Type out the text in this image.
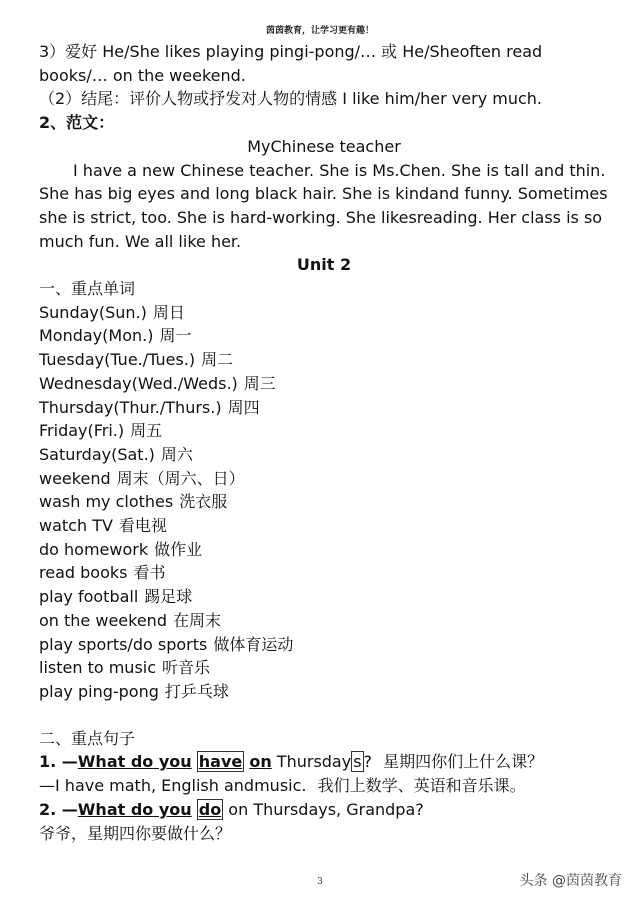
茵茵教育，让学习更有趣！
3）爱好 He/She likes playing pingi-pong/… 或 He/Sheoften read
books/… on the weekend.
（2）结尾：评价人物或抒发对人物的情感 I like him/her very much.
2、范文：
MyChinese teacher
I have a new Chinese teacher. She is Ms.Chen. She is tall and thin. She has big eyes and long black hair. She is kindand funny. Sometimes she is strict, too. She is hard-working. She likesreading. Her class is so much fun. We all like her.
Unit 2
一、重点单词
Sunday(Sun.) 周日
Monday(Mon.) 周一
Tuesday(Tue./Tues.) 周二
Wednesday(Wed./Weds.) 周三
Thursday(Thur./Thurs.) 周四
Friday(Fri.) 周五
Saturday(Sat.) 周六
weekend 周末（周六、日）
wash my clothes 洗衣服
watch TV 看电视
do homework 做作业
read books 看书
play football 踢足球
on the weekend 在周末
play sports/do sports 做体育运动
listen to music 听音乐
play ping-pong 打乒乓球
二、重点句子
1. —What do you have on Thursday s ? 星期四你们上什么课？
—I have math, English andmusic. 我们上数学、英语和音乐课。
2. —What do you do on Thursdays, Grandpa?
爷爷，星期四你要做什么？
3	头条 @茵茵教育
